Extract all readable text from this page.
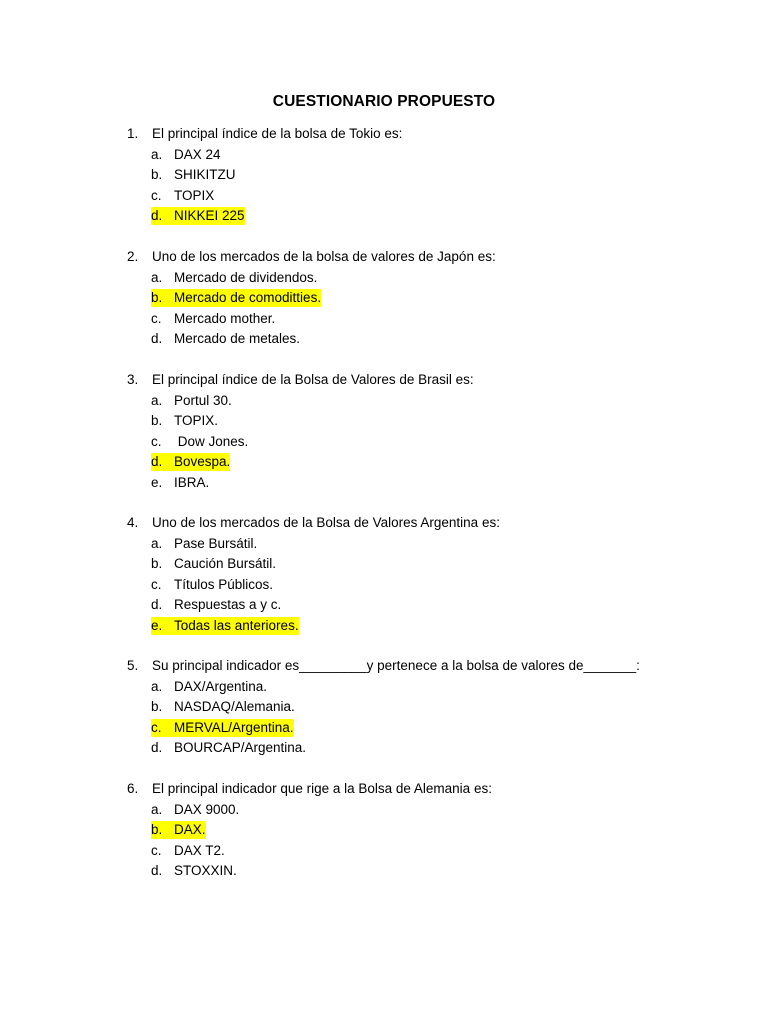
CUESTIONARIO PROPUESTO
1. El principal índice de la bolsa de Tokio es:
a. DAX 24
b. SHIKITZU
c. TOPIX
d. NIKKEI 225
2. Uno de los mercados de la bolsa de valores de Japón es:
a. Mercado de dividendos.
b. Mercado de comoditties.
c. Mercado mother.
d. Mercado de metales.
3. El principal índice de la Bolsa de Valores de Brasil es:
a. Portul 30.
b. TOPIX.
c. Dow Jones.
d. Bovespa.
e. IBRA.
4. Uno de los mercados de la Bolsa de Valores Argentina es:
a. Pase Bursátil.
b. Caución Bursátil.
c. Títulos Públicos.
d. Respuestas a y c.
e. Todas las anteriores.
5. Su principal indicador es_________y pertenece a la bolsa de valores de_______:
a. DAX/Argentina.
b. NASDAQ/Alemania.
c. MERVAL/Argentina.
d. BOURCAP/Argentina.
6. El principal indicador que rige a la Bolsa de Alemania es:
a. DAX 9000.
b. DAX.
c. DAX T2.
d. STOXXIN.
